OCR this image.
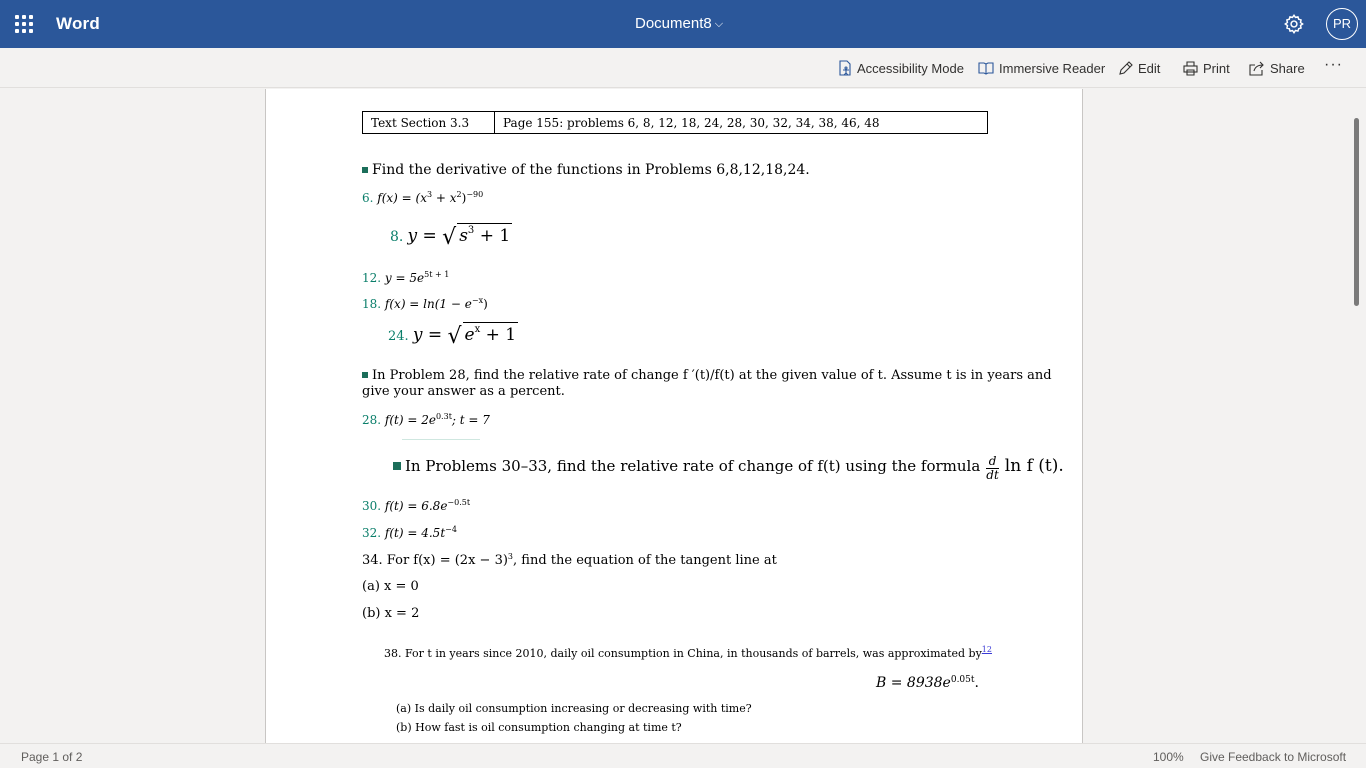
Word	Document8 ⌵	PR
Accessibility Mode	Immersive Reader	Edit	Print	Share ···
Text Section 3.3	Page 155: problems 6, 8, 12, 18, 24, 28, 30, 32, 34, 38, 46, 48
Find the derivative of the functions in Problems 6,8,12,18,24.
6. $f(x) = (x^3 + x^2)^{-90}$
8. y = √ $s^3 + 1$
12. $y = 5e^{5t + 1}$
18. $f(x) = \ln(1 - e^{-x})$
24. y = √ $e^x + 1$
In Problem 28, find the relative rate of change f ′(t)/f(t) at the given value of t. Assume t is in years and
give your answer as a percent.
28. $f(t) = 2e^{0.3t}$; t = 7
In Problems 30–33, find the relative rate of change of f(t) using the formula $\frac{d}{dt}$ ln f (t).
30. $f(t) = 6.8e^{-0.5t}$
32. $f(t) = 4.5t^{-4}$
34. For $f(x) = (2x - 3)^3$, find the equation of the tangent line at
(a) x = 0
(b) x = 2
38. For t in years since 2010, daily oil consumption in China, in thousands of barrels, was approximated $by^{12}$
$B = 8938e^{0.05t}$.
(a) Is daily oil consumption increasing or decreasing with time?
(b) How fast is oil consumption changing at time t?
Page 1 of 2	100% Give Feedback to Microsoft
